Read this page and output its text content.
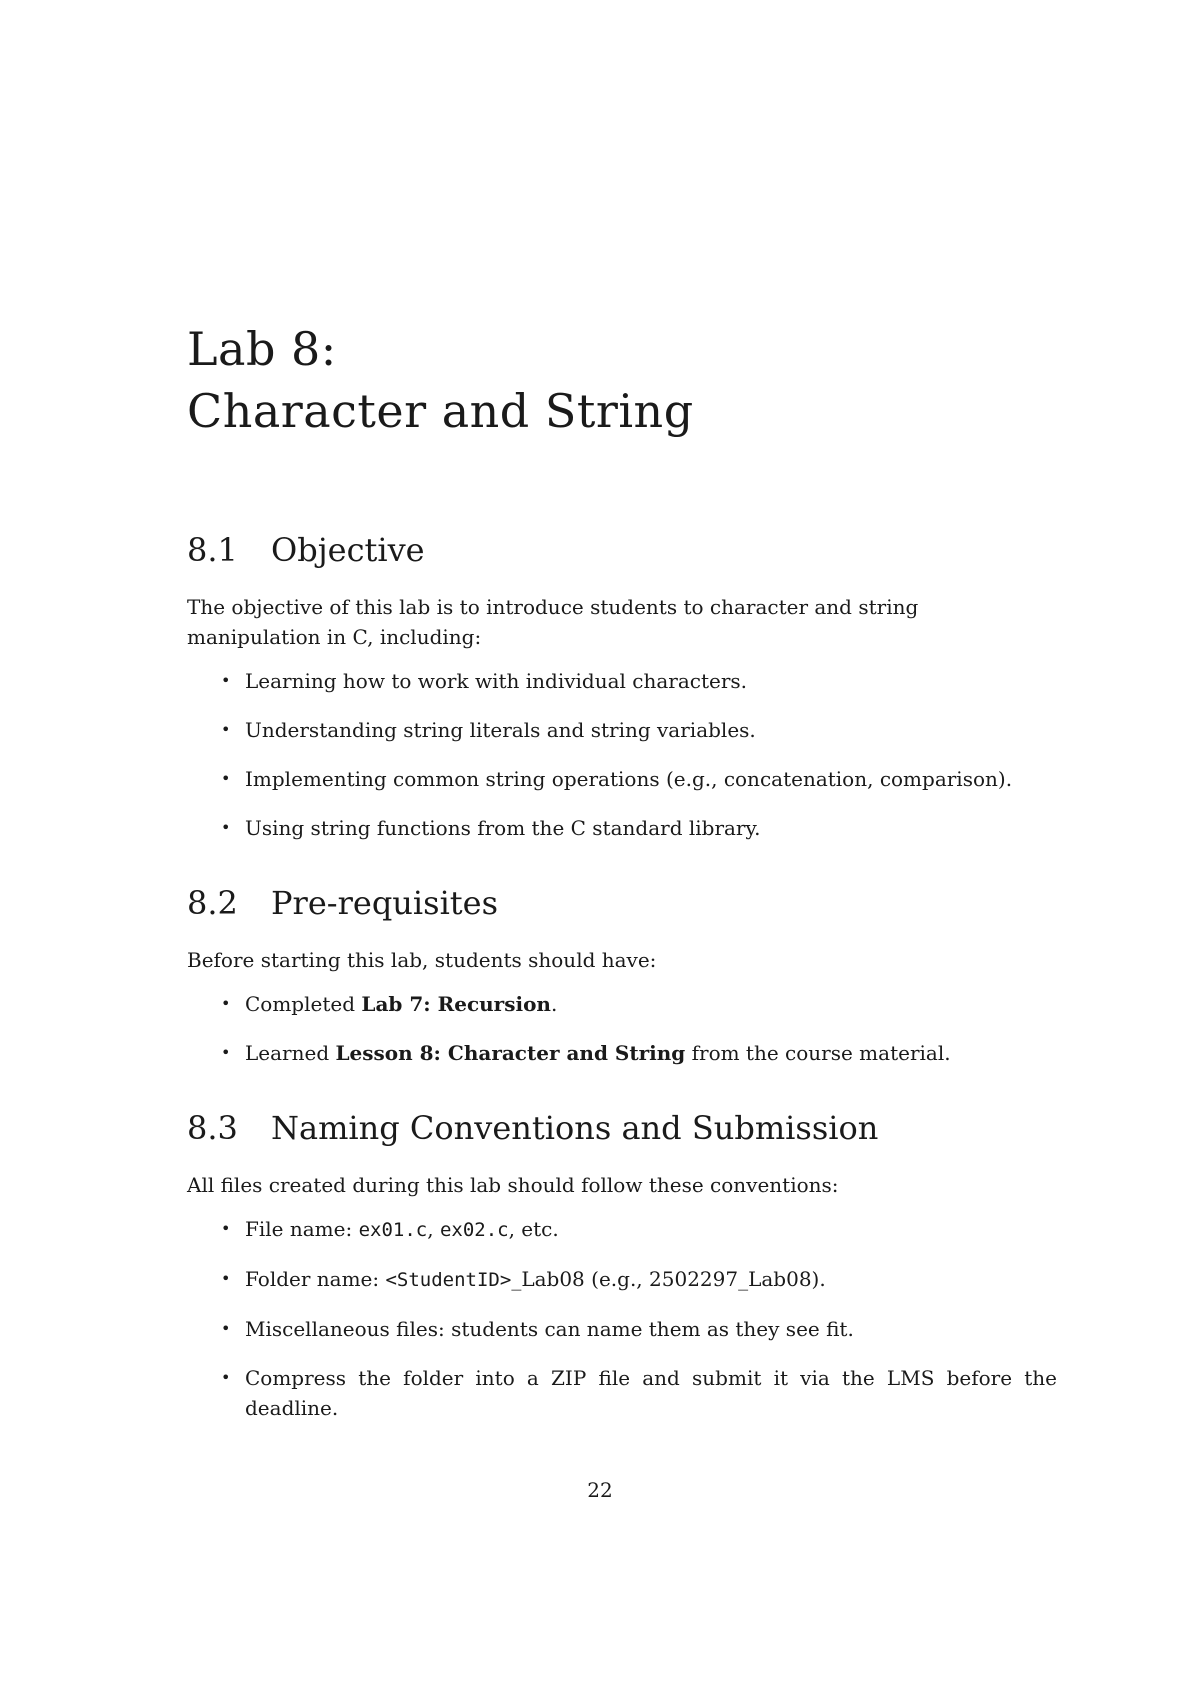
Lab 8:
Character and String
8.1	Objective

The objective of this lab is to introduce students to character and string manipulation in C, including:

• Learning how to work with individual characters.
• Understanding string literals and string variables.
• Implementing common string operations (e.g., concatenation, comparison).
• Using string functions from the C standard library.
8.2	Pre-requisites

Before starting this lab, students should have:

• Completed Lab 7: Recursion.
• Learned Lesson 8: Character and String from the course material.
8.3	Naming Conventions and Submission

All files created during this lab should follow these conventions:

• File name: ex01.c, ex02.c, etc.
• Folder name: <StudentID>_Lab08 (e.g., 2502297_Lab08).
• Miscellaneous files: students can name them as they see fit.
• Compress the folder into a ZIP file and submit it via the LMS before the deadline.
22
